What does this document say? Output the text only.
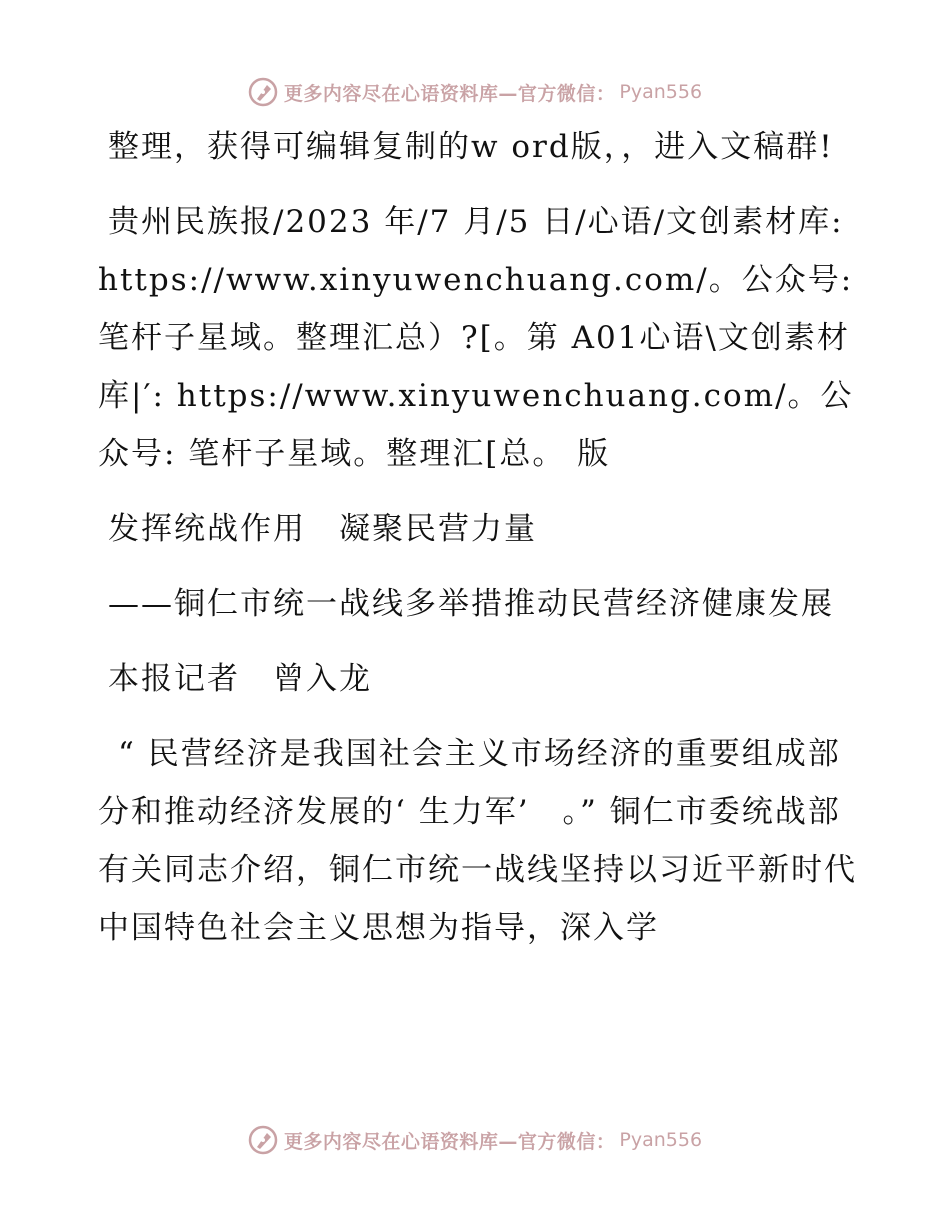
更多内容尽在心语资料库—官方微信： Pyan556

整理，获得可编辑复制的w ord版，，进入文稿群!

贵州民族报/2023 年/7 月/5 日/心语/文创素材库: https://www.xinyuwenchuang.com/。公众号: 笔杆子星域。整理汇总）?[。第 A01心语\文创素材库|′: https://www.xinyuwenchuang.com/。公众号: 笔杆子星域。整理汇[总。 版

发挥统战作用　凝聚民营力量

——铜仁市统一战线多举措推动民营经济健康发展

本报记者　曾入龙

“ 民营经济是我国社会主义市场经济的重要组成部分和推动经济发展的‘ 生力军’　。” 铜仁市委统战部有关同志介绍，铜仁市统一战线坚持以习近平新时代中国特色社会主义思想为指导，深入学

更多内容尽在心语资料库—官方微信： Pyan556
